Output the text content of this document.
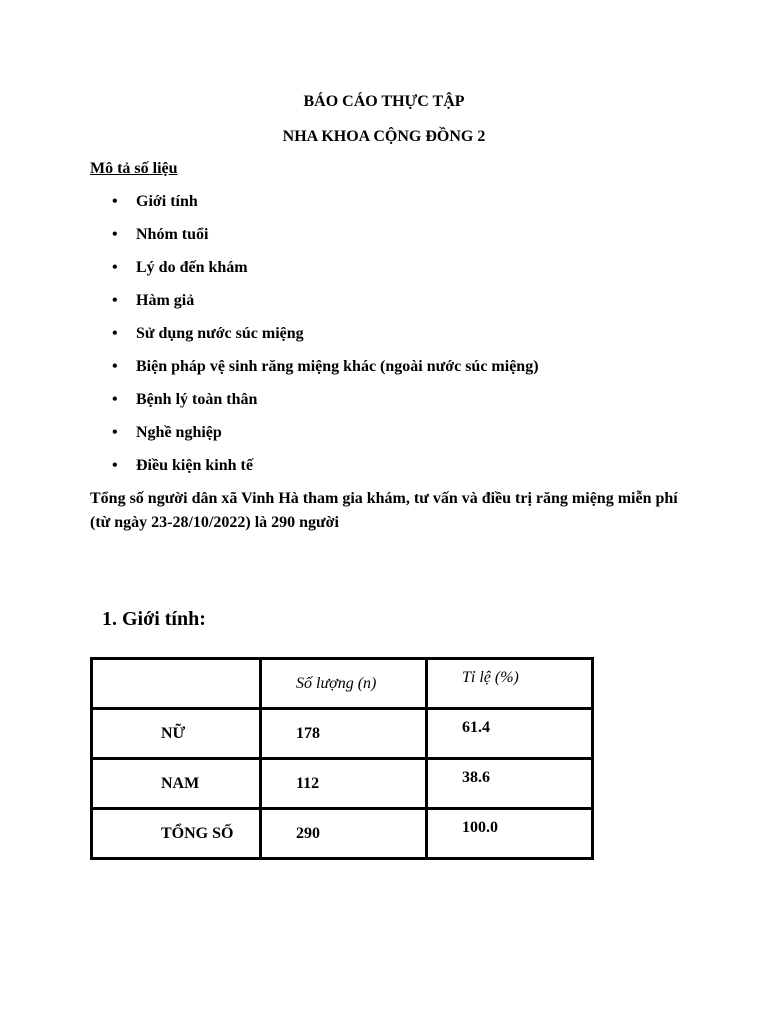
BÁO CÁO THỰC TẬP
NHA KHOA CỘNG ĐỒNG 2
Mô tả số liệu
• Giới tính
• Nhóm tuổi
• Lý do đến khám
• Hàm giả
• Sử dụng nước súc miệng
• Biện pháp vệ sinh răng miệng khác (ngoài nước súc miệng)
• Bệnh lý toàn thân
• Nghề nghiệp
• Điều kiện kinh tế
Tổng số người dân xã Vinh Hà tham gia khám, tư vấn và điều trị răng miệng miễn phí (từ ngày 23-28/10/2022) là 290 người
1. Giới tính:
	Số lượng (n)	Tỉ lệ (%)
NỮ	178	61.4
NAM	112	38.6
TỔNG SỐ	290	100.0
